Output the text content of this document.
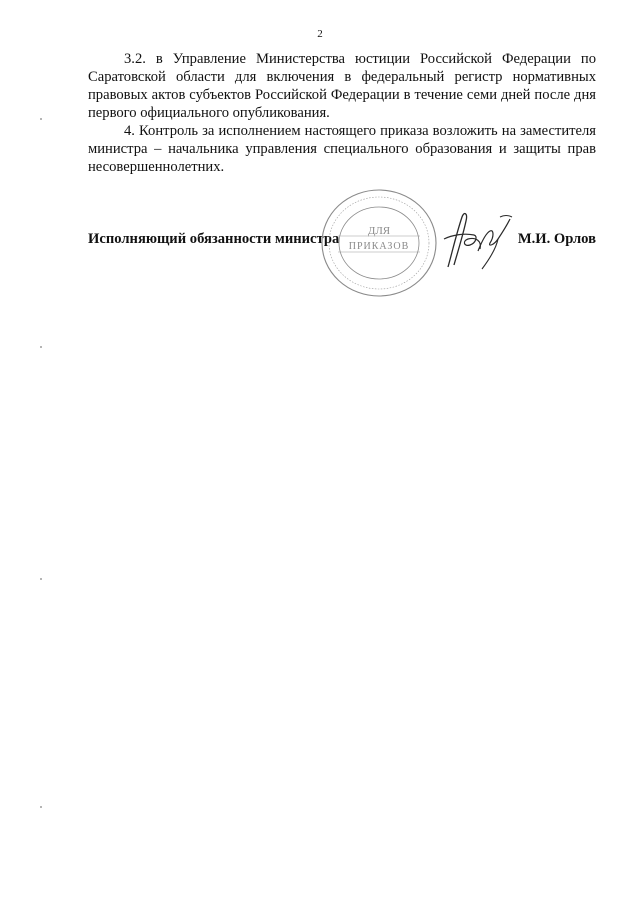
2

3.2. в Управление Министерства юстиции Российской Федерации по Саратовской области для включения в федеральный регистр нормативных правовых актов субъектов Российской Федерации в течение семи дней после дня первого официального опубликования.

4. Контроль за исполнением настоящего приказа возложить на заместителя министра – начальника управления специального образования и защиты прав несовершеннолетних.

Исполняющий обязанности министра	М.И. Орлов
ДЛЯ
ПРИКАЗОВ
